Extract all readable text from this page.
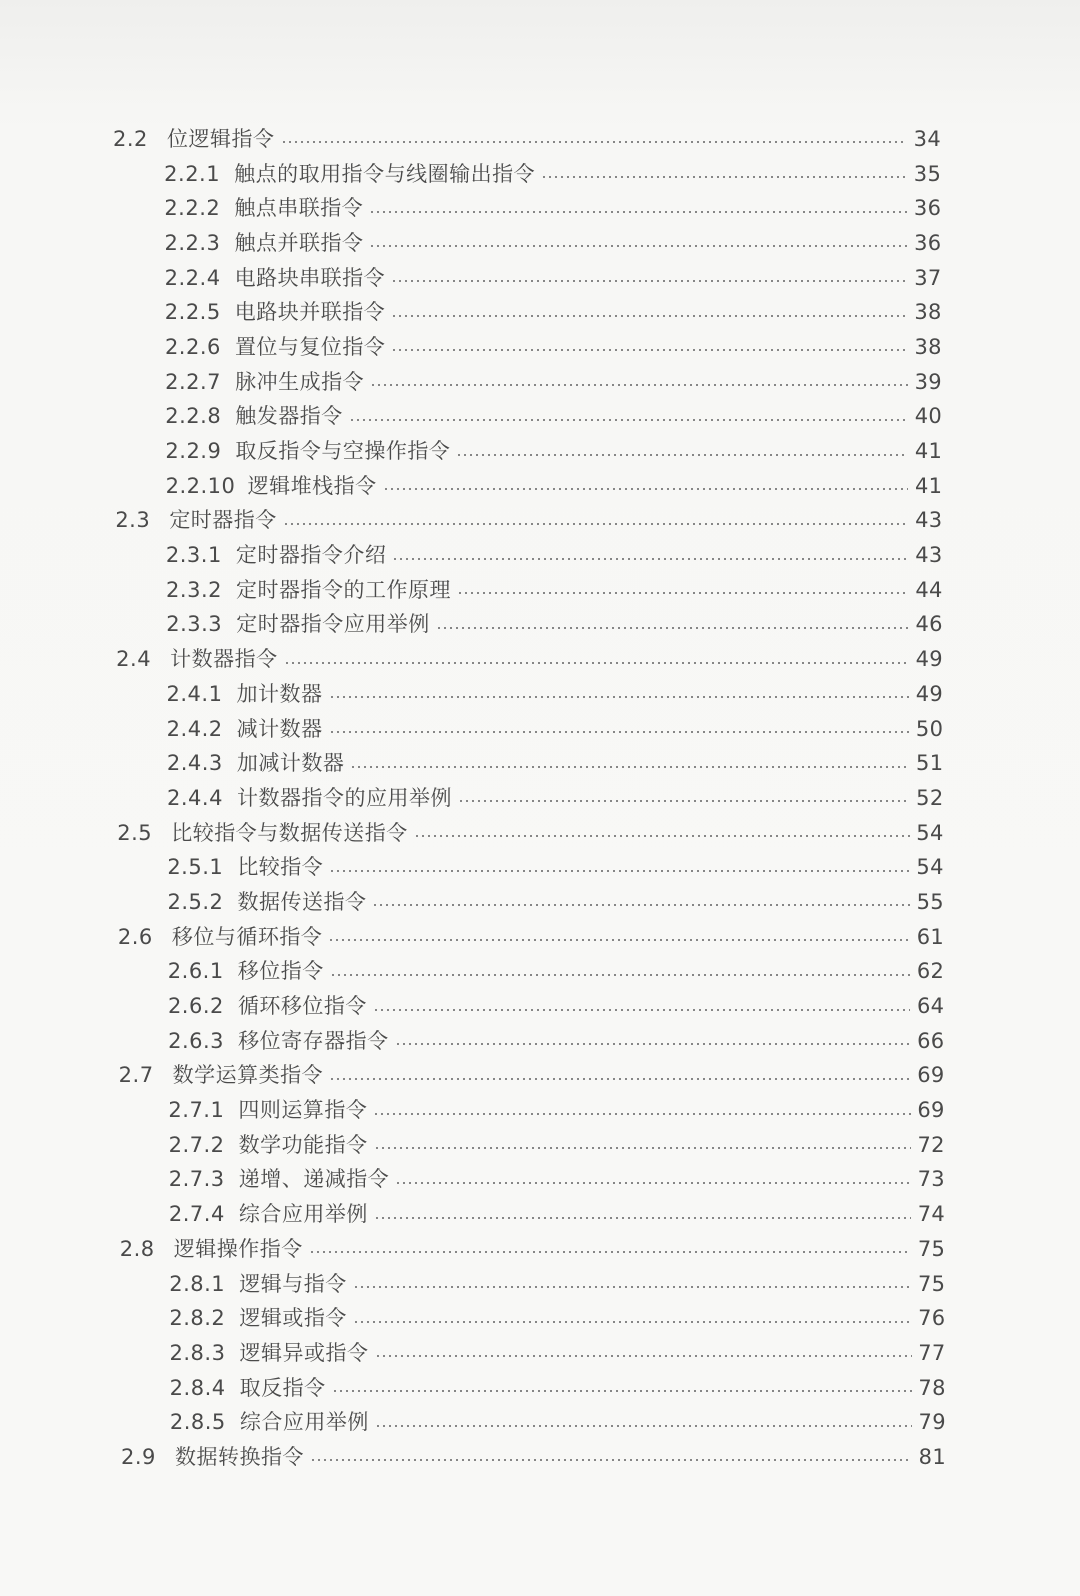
2.2 位逻辑指令	34
2.2.1 触点的取用指令与线圈输出指令	35
2.2.2 触点串联指令	36
2.2.3 触点并联指令	36
2.2.4 电路块串联指令	37
2.2.5 电路块并联指令	38
2.2.6 置位与复位指令	38
2.2.7 脉冲生成指令	39
2.2.8 触发器指令	40
2.2.9 取反指令与空操作指令	41
2.2.10 逻辑堆栈指令	41
2.3 定时器指令	43
2.3.1 定时器指令介绍	43
2.3.2 定时器指令的工作原理	44
2.3.3 定时器指令应用举例	46
2.4 计数器指令	49
2.4.1 加计数器	49
2.4.2 减计数器	50
2.4.3 加减计数器	51
2.4.4 计数器指令的应用举例	52
2.5 比较指令与数据传送指令	54
2.5.1 比较指令	54
2.5.2 数据传送指令	55
2.6 移位与循环指令	61
2.6.1 移位指令	62
2.6.2 循环移位指令	64
2.6.3 移位寄存器指令	66
2.7 数学运算类指令	69
2.7.1 四则运算指令	69
2.7.2 数学功能指令	72
2.7.3 递增、递减指令	73
2.7.4 综合应用举例	74
2.8 逻辑操作指令	75
2.8.1 逻辑与指令	75
2.8.2 逻辑或指令	76
2.8.3 逻辑异或指令	77
2.8.4 取反指令	78
2.8.5 综合应用举例	79
2.9 数据转换指令	81
